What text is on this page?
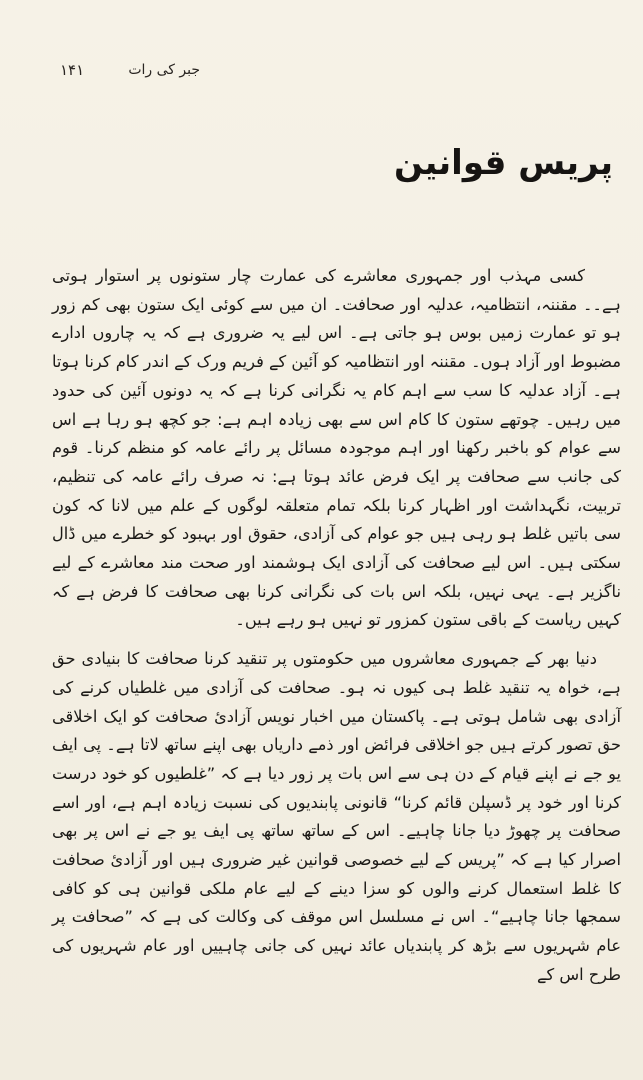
۱۴۱	جبر کی رات
پریس قوانین

کسی مہذب اور جمہوری معاشرے کی عمارت چار ستونوں پر استوار ہوتی ہے۔۔ مقننہ، انتظامیہ، عدلیہ اور صحافت۔ ان میں سے کوئی ایک ستون بھی کم زور ہو تو عمارت زمیں بوس ہو جاتی ہے۔ اس لیے یہ ضروری ہے کہ یہ چاروں ادارے مضبوط اور آزاد ہوں۔ مقننہ اور انتظامیہ کو آئین کے فریم ورک کے اندر کام کرنا ہوتا ہے۔ آزاد عدلیہ کا سب سے اہم کام یہ نگرانی کرنا ہے کہ یہ دونوں آئین کی حدود میں رہیں۔ چوتھے ستون کا کام اس سے بھی زیادہ اہم ہے: جو کچھ ہو رہا ہے اس سے عوام کو باخبر رکھنا اور اہم موجودہ مسائل پر رائے عامہ کو منظم کرنا۔ قوم کی جانب سے صحافت پر ایک فرض عائد ہوتا ہے: نہ صرف رائے عامہ کی تنظیم، تربیت، نگہداشت اور اظہار کرنا بلکہ تمام متعلقہ لوگوں کے علم میں لانا کہ کون سی باتیں غلط ہو رہی ہیں جو عوام کی آزادی، حقوق اور بہبود کو خطرے میں ڈال سکتی ہیں۔ اس لیے صحافت کی آزادی ایک ہوشمند اور صحت مند معاشرے کے لیے ناگزیر ہے۔ یہی نہیں، بلکہ اس بات کی نگرانی کرنا بھی صحافت کا فرض ہے کہ کہیں ریاست کے باقی ستون کمزور تو نہیں ہو رہے ہیں۔

دنیا بھر کے جمہوری معاشروں میں حکومتوں پر تنقید کرنا صحافت کا بنیادی حق ہے، خواہ یہ تنقید غلط ہی کیوں نہ ہو۔ صحافت کی آزادی میں غلطیاں کرنے کی آزادی بھی شامل ہوتی ہے۔ پاکستان میں اخبار نویس آزادیٔ صحافت کو ایک اخلاقی حق تصور کرتے ہیں جو اخلاقی فرائض اور ذمے داریاں بھی اپنے ساتھ لاتا ہے۔ پی ایف یو جے نے اپنے قیام کے دن ہی سے اس بات پر زور دیا ہے کہ ”غلطیوں کو خود درست کرنا اور خود پر ڈسپلن قائم کرنا“ قانونی پابندیوں کی نسبت زیادہ اہم ہے، اور اسے صحافت پر چھوڑ دیا جانا چاہیے۔ اس کے ساتھ ساتھ پی ایف یو جے نے اس پر بھی اصرار کیا ہے کہ ”پریس کے لیے خصوصی قوانین غیر ضروری ہیں اور آزادیٔ صحافت کا غلط استعمال کرنے والوں کو سزا دینے کے لیے عام ملکی قوانین ہی کو کافی سمجھا جانا چاہیے“۔ اس نے مسلسل اس موقف کی وکالت کی ہے کہ ”صحافت پر عام شہریوں سے بڑھ کر پابندیاں عائد نہیں کی جانی چاہییں اور عام شہریوں کی طرح اس کے
